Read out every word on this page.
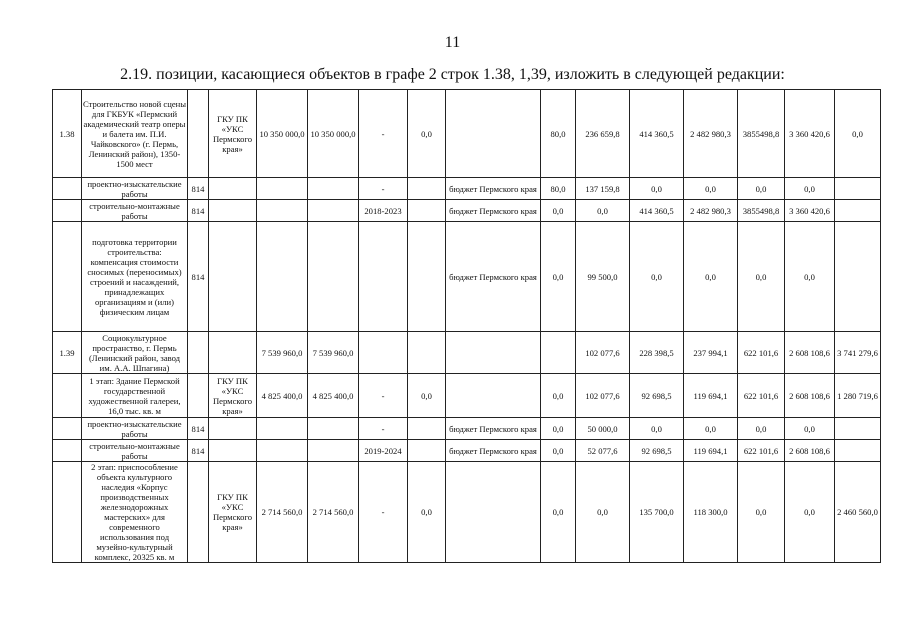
11
2.19. позиции, касающиеся объектов в графе 2 строк 1.38, 1,39, изложить в следующей редакции:
1.38	Строительство новой сцены для ГКБУК «Пермский академический театр оперы и балета им. П.И. Чайковского» (г. Пермь, Ленинский район), 1350-1500 мест		ГКУ ПК «УКС Пермского края»	10 350 000,0	10 350 000,0	-	0,0		80,0	236 659,8	414 360,5	2 482 980,3	3855498,8	3 360 420,6	0,0
	проектно-изыскательские работы	814				-		бюджет Пермского края	80,0	137 159,8	0,0	0,0	0,0	0,0	
	строительно-монтажные работы	814				2018-2023		бюджет Пермского края	0,0	0,0	414 360,5	2 482 980,3	3855498,8	3 360 420,6	
	подготовка территории строительства: компенсация стоимости сносимых (переносимых) строений и насаждений, принадлежащих организациям и (или) физическим лицам	814						бюджет Пермского края	0,0	99 500,0	0,0	0,0	0,0	0,0	
1.39	Социокультурное пространство, г. Пермь (Ленинский район, завод им. А.А. Шпагина)			7 539 960,0	7 539 960,0					102 077,6	228 398,5	237 994,1	622 101,6	2 608 108,6	3 741 279,6
	1 этап: Здание Пермской государственной художественной галереи, 16,0 тыс. кв. м		ГКУ ПК «УКС Пермского края»	4 825 400,0	4 825 400,0	-	0,0		0,0	102 077,6	92 698,5	119 694,1	622 101,6	2 608 108,6	1 280 719,6
	проектно-изыскательские работы	814				-		бюджет Пермского края	0,0	50 000,0	0,0	0,0	0,0	0,0	
	строительно-монтажные работы	814				2019-2024		бюджет Пермского края	0,0	52 077,6	92 698,5	119 694,1	622 101,6	2 608 108,6	
	2 этап: приспособление объекта культурного наследия «Корпус производственных железнодорожных мастерских» для современного использования под музейно-культурный комплекс, 20325 кв. м		ГКУ ПК «УКС Пермского края»	2 714 560,0	2 714 560,0	-	0,0		0,0	0,0	135 700,0	118 300,0	0,0	0,0	2 460 560,0
